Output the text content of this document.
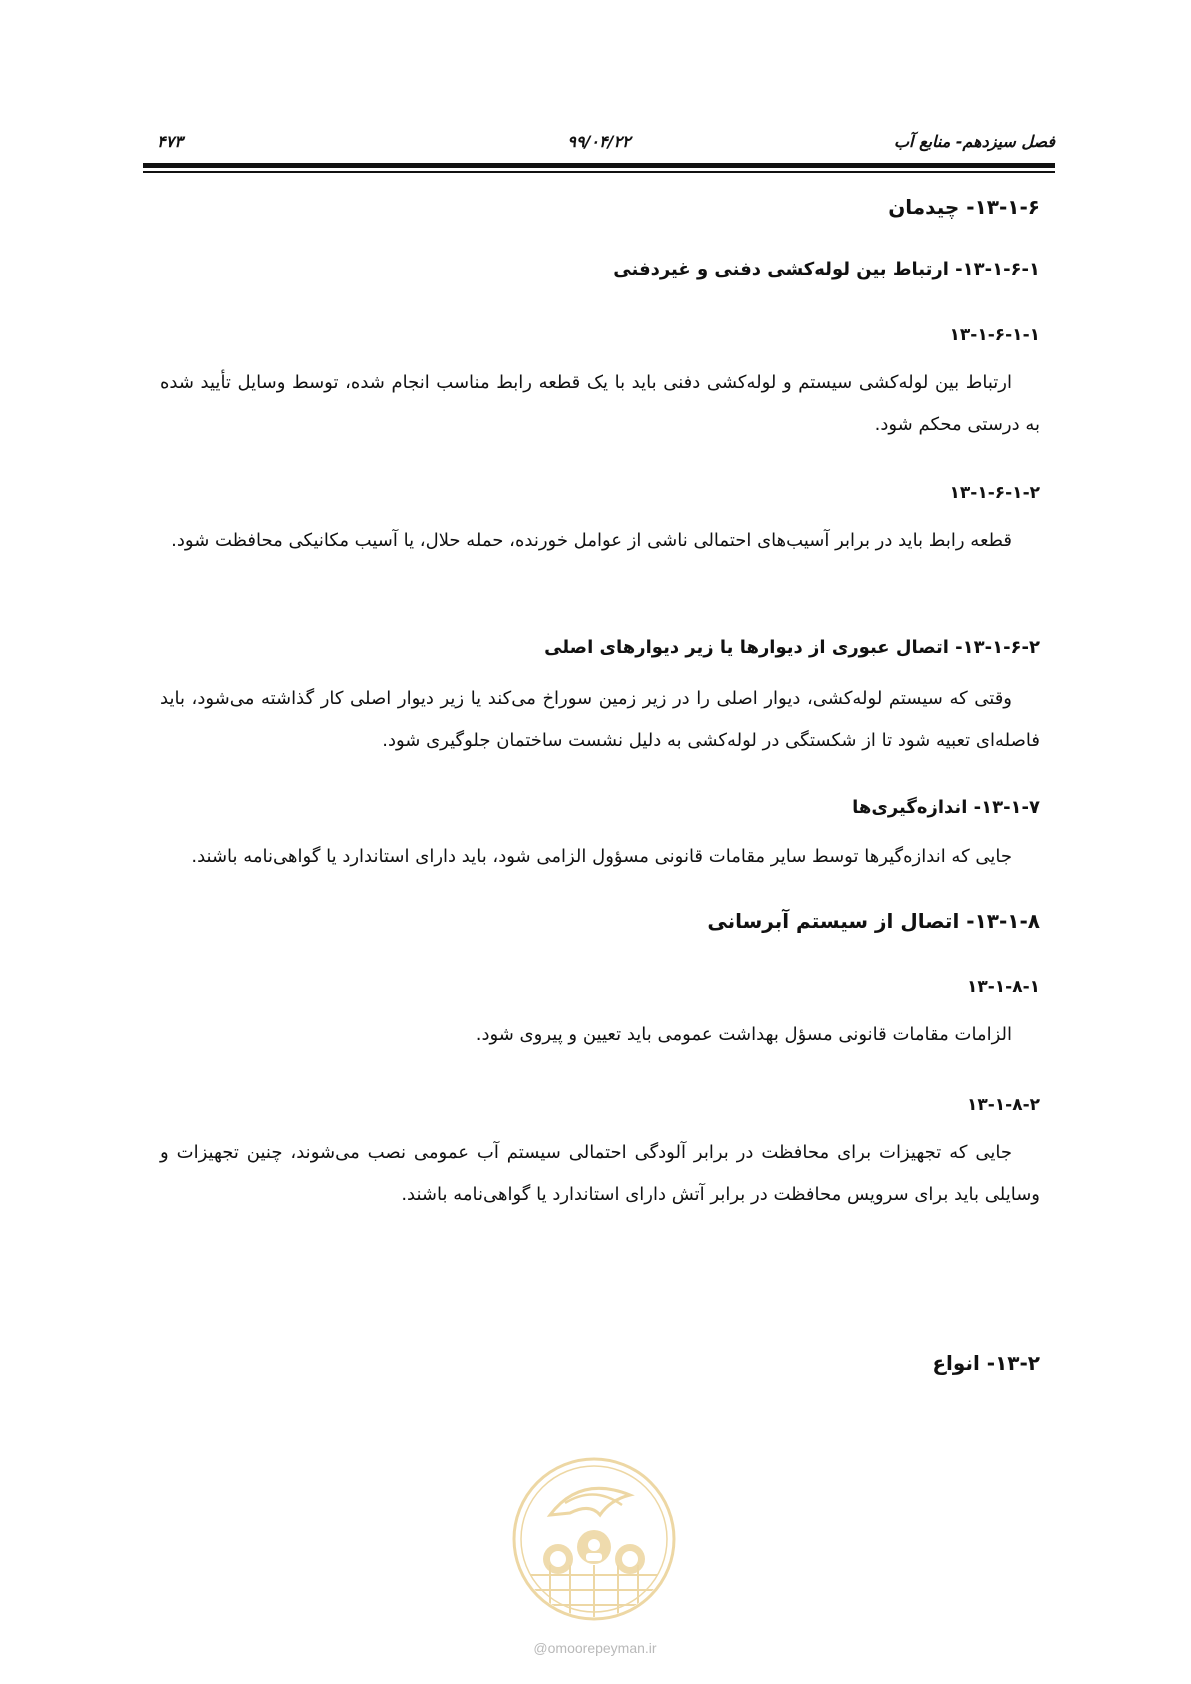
فصل سیزدهم- منابع آب
۹۹/۰۴/۲۲
۴۷۳
۱۳-۱-۶- چیدمان
۱۳-۱-۶-۱- ارتباط بین لوله‌کشی دفنی و غیردفنی
۱۳-۱-۶-۱-۱
ارتباط بین لوله‌کشی سیستم و لوله‌کشی دفنی باید با یک قطعه رابط مناسب انجام شده، توسط وسایل تأیید شده به درستی محکم شود.
۱۳-۱-۶-۱-۲
قطعه رابط باید در برابر آسیب‌های احتمالی ناشی از عوامل خورنده، حمله حلال، یا آسیب مکانیکی محافظت شود.
۱۳-۱-۶-۲- اتصال عبوری از دیوارها یا زیر دیوارهای اصلی
وقتی که سیستم لوله‌کشی، دیوار اصلی را در زیر زمین سوراخ می‌کند یا زیر دیوار اصلی کار گذاشته می‌شود، باید فاصله‌ای تعبیه شود تا از شکستگی در لوله‌کشی به دلیل نشست ساختمان جلوگیری شود.
۱۳-۱-۷- اندازه‌گیری‌ها
جایی که اندازه‌گیرها توسط سایر مقامات قانونی مسؤول الزامی شود، باید دارای استاندارد یا گواهی‌نامه باشند.
۱۳-۱-۸- اتصال از سیستم آبرسانی
۱۳-۱-۸-۱
الزامات مقامات قانونی مسؤل بهداشت عمومی باید تعیین و پیروی شود.
۱۳-۱-۸-۲
جایی که تجهیزات برای محافظت در برابر آلودگی احتمالی سیستم آب عمومی نصب می‌شوند، چنین تجهیزات و وسایلی باید برای سرویس محافظت در برابر آتش دارای استاندارد یا گواهی‌نامه باشند.
۱۳-۲- انواع
@omoorepeyman.ir
